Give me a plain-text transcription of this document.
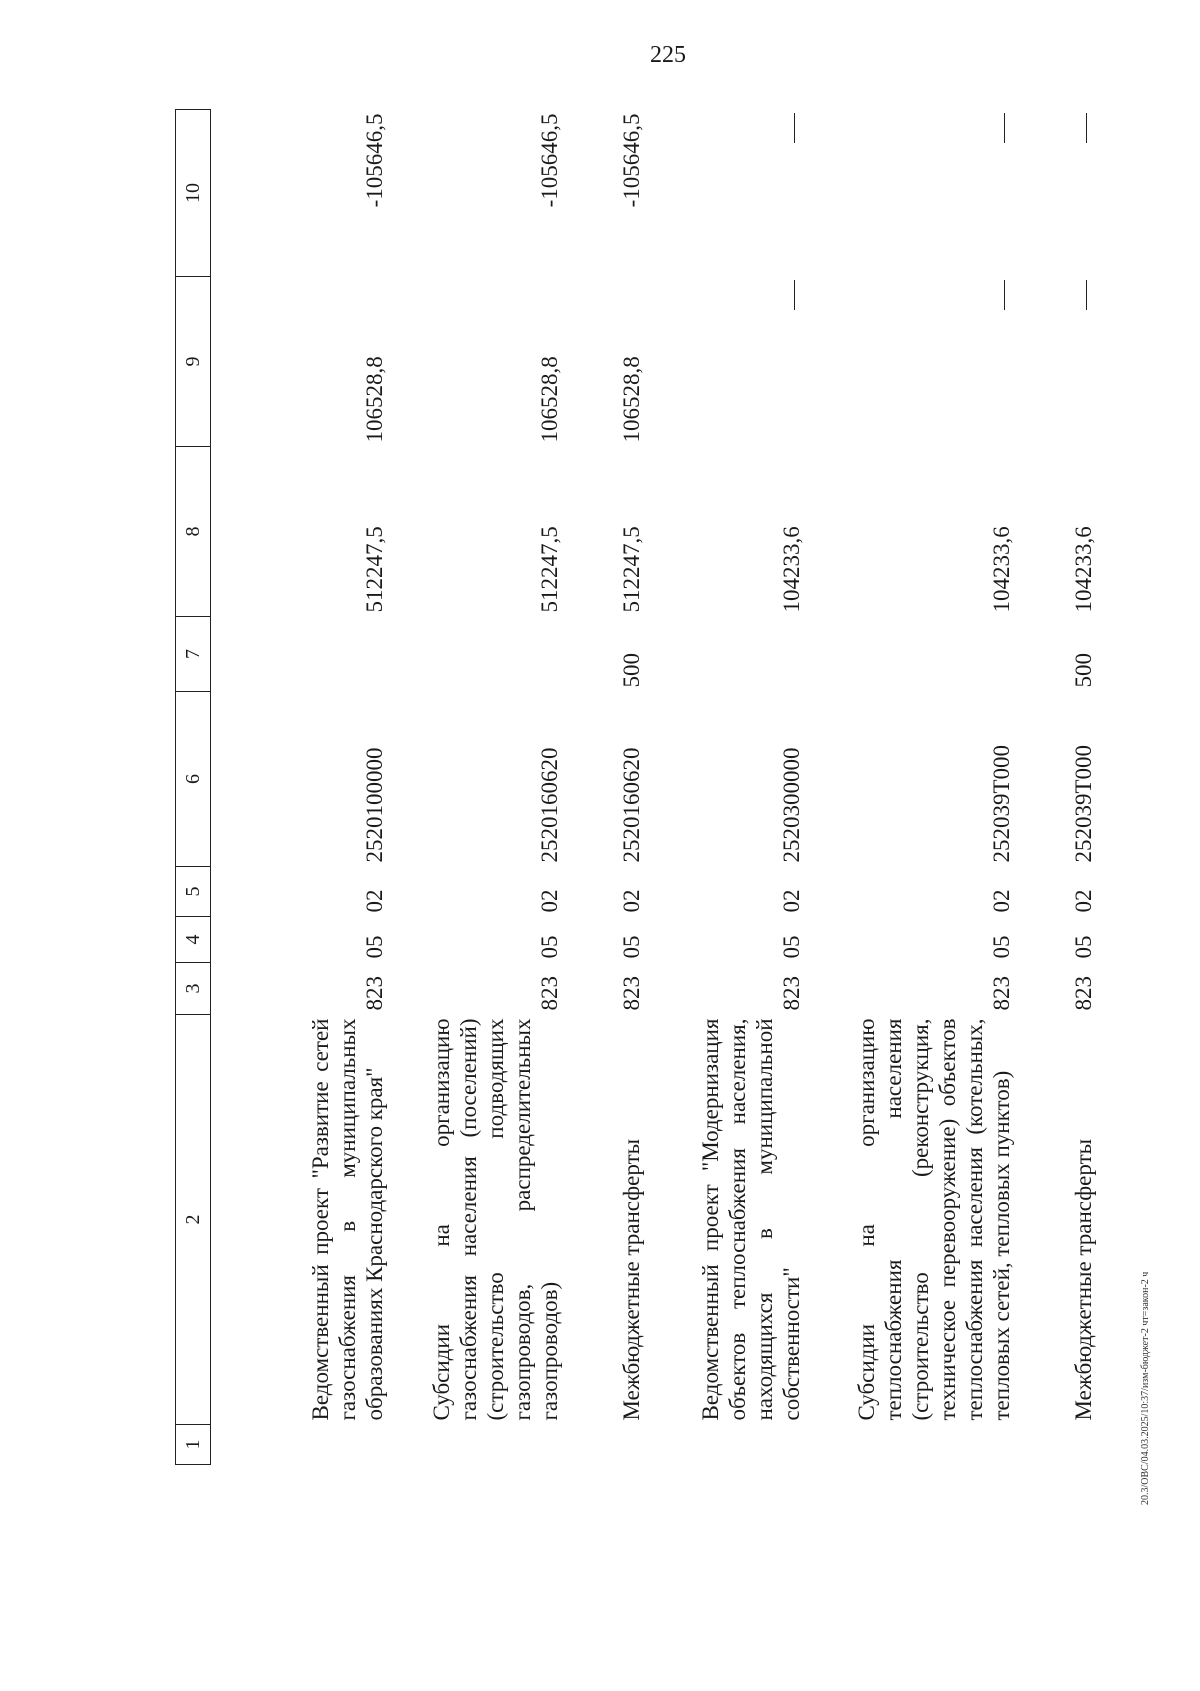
225
1	2	3	4	5	6	7	8	9	10
	Ведомственный проект "Развитие сетей газоснабжения в муниципальных образованиях Краснодарского края"	823	05	02	2520100000		512247,5	106528,8	-105646,5
	Субсидии на организацию газоснабжения населения (поселений) (строительство подводящих газопроводов, распределительных газопроводов)	823	05	02	2520160620		512247,5	106528,8	-105646,5
	Межбюджетные трансферты	823	05	02	2520160620	500	512247,5	106528,8	-105646,5
	Ведомственный проект "Модернизация объектов теплоснабжения населения, находящихся в муниципальной собственности"	823	05	02	2520300000		104233,6		
	Субсидии на организацию теплоснабжения населения (строительство (реконструкция, техническое перевооружение) объектов теплоснабжения населения (котельных, тепловых сетей, тепловых пунктов)	823	05	02	252039Т000		104233,6		
	Межбюджетные трансферты	823	05	02	252039Т000	500	104233,6		
20.3/ОВС/04.03.2025/10:37/изм-бюджет-2 чт=закон-2 ч
